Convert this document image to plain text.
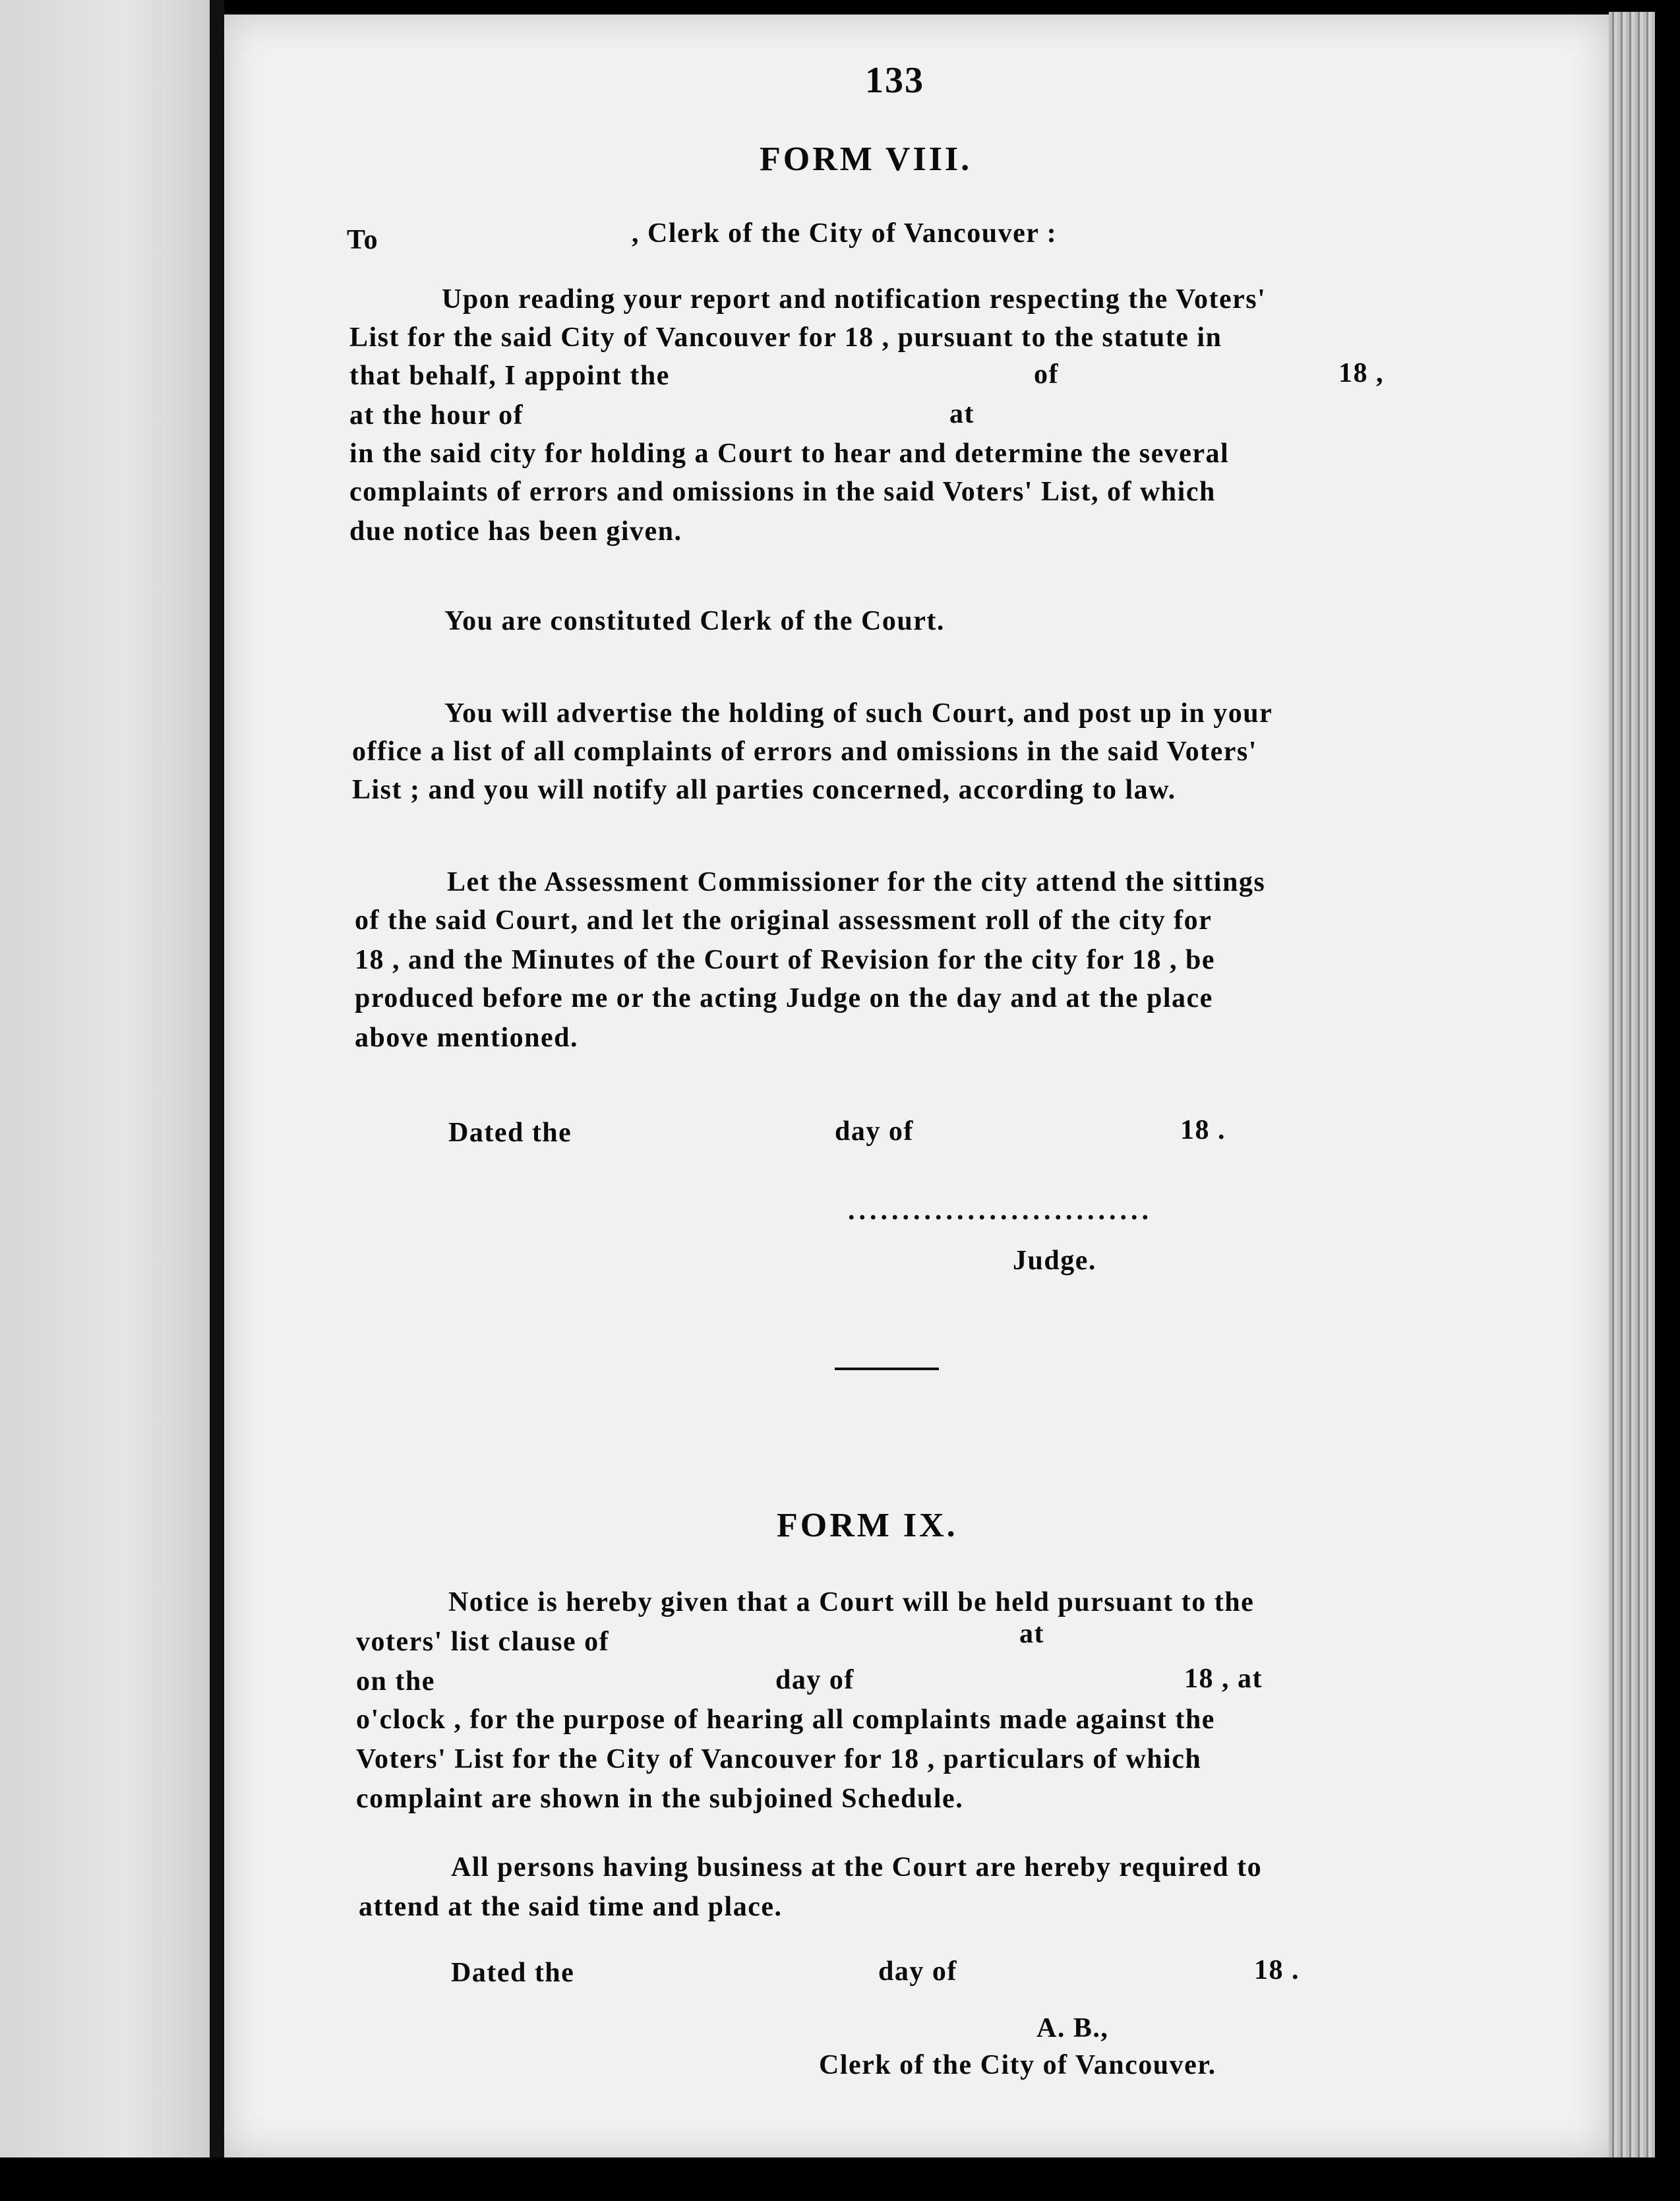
133
FORM VIII.
To	, Clerk of the City of Vancouver :
Upon reading your report and notification respecting the Voters'
List for the said City of Vancouver for 18 , pursuant to the statute in
that behalf, I appoint the	of	18 ,
at the hour of	at
in the said city for holding a Court to hear and determine the several
complaints of errors and omissions in the said Voters' List, of which
due notice has been given.
You are constituted Clerk of the Court.
You will advertise the holding of such Court, and post up in your
office a list of all complaints of errors and omissions in the said Voters'
List ; and you will notify all parties concerned, according to law.
Let the Assessment Commissioner for the city attend the sittings
of the said Court, and let the original assessment roll of the city for
18 , and the Minutes of the Court of Revision for the city for 18 , be
produced before me or the acting Judge on the day and at the place
above mentioned.
Dated the	day of	18 .
............................
Judge.
FORM IX.
Notice is hereby given that a Court will be held pursuant to the
voters' list clause of	at
on the	day of	18 , at
o'clock , for the purpose of hearing all complaints made against the
Voters' List for the City of Vancouver for 18 , particulars of which
complaint are shown in the subjoined Schedule.
All persons having business at the Court are hereby required to
attend at the said time and place.
Dated the	day of	18 .
A. B.,
Clerk of the City of Vancouver.
